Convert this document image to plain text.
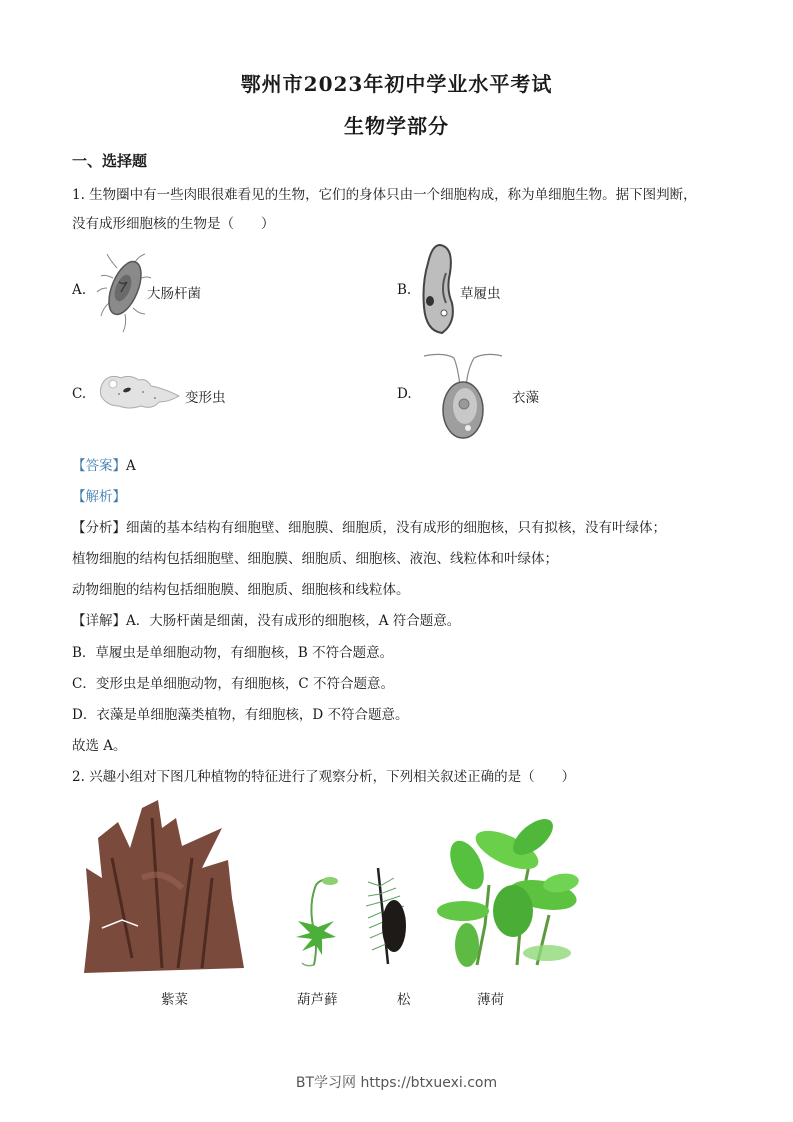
鄂州市2023年初中学业水平考试
生物学部分
一、选择题
1. 生物圈中有一些肉眼很难看见的生物，它们的身体只由一个细胞构成，称为单细胞生物。据下图判断，
没有成形细胞核的生物是（　　）
A.	大肠杆菌	B.	草履虫
C.	变形虫	D.	衣藻
【答案】A
【解析】
【分析】细菌的基本结构有细胞壁、细胞膜、细胞质，没有成形的细胞核，只有拟核，没有叶绿体；
植物细胞的结构包括细胞壁、细胞膜、细胞质、细胞核、液泡、线粒体和叶绿体；
动物细胞的结构包括细胞膜、细胞质、细胞核和线粒体。
【详解】A．大肠杆菌是细菌，没有成形的细胞核，A 符合题意。
B．草履虫是单细胞动物，有细胞核，B 不符合题意。
C．变形虫是单细胞动物，有细胞核，C 不符合题意。
D．衣藻是单细胞藻类植物，有细胞核，D 不符合题意。
故选 A。
2. 兴趣小组对下图几种植物的特征进行了观察分析，下列相关叙述正确的是（　　）
紫菜	葫芦藓	松	薄荷
BT学习网 https://btxuexi.com
